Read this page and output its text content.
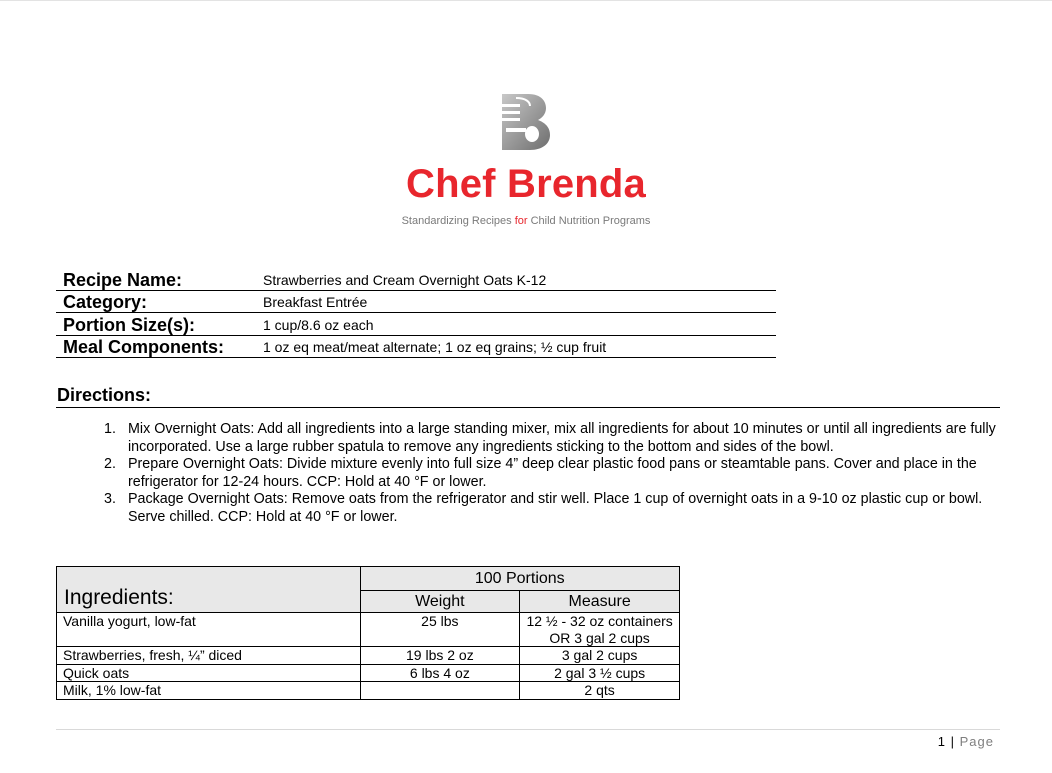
Chef Brenda
Standardizing Recipes for Child Nutrition Programs
Recipe Name:	Strawberries and Cream Overnight Oats K-12
Category:	Breakfast Entrée
Portion Size(s):	1 cup/8.6 oz each
Meal Components:	1 oz eq meat/meat alternate; 1 oz eq grains; ½ cup fruit
Directions:
1. Mix Overnight Oats: Add all ingredients into a large standing mixer, mix all ingredients for about 10 minutes or until all ingredients are fully incorporated. Use a large rubber spatula to remove any ingredients sticking to the bottom and sides of the bowl.
2. Prepare Overnight Oats: Divide mixture evenly into full size 4” deep clear plastic food pans or steamtable pans. Cover and place in the refrigerator for 12-24 hours. CCP: Hold at 40 °F or lower.
3. Package Overnight Oats: Remove oats from the refrigerator and stir well. Place 1 cup of overnight oats in a 9-10 oz plastic cup or bowl. Serve chilled. CCP: Hold at 40 °F or lower.
Ingredients:	100 Portions	
	Weight	Measure
Vanilla yogurt, low-fat	25 lbs	12 ½ - 32 oz containers OR 3 gal 2 cups
Strawberries, fresh, ¼” diced	19 lbs 2 oz	3 gal 2 cups
Quick oats	6 lbs 4 oz	2 gal 3 ½ cups
Milk, 1% low-fat		2 qts
1 | Page
